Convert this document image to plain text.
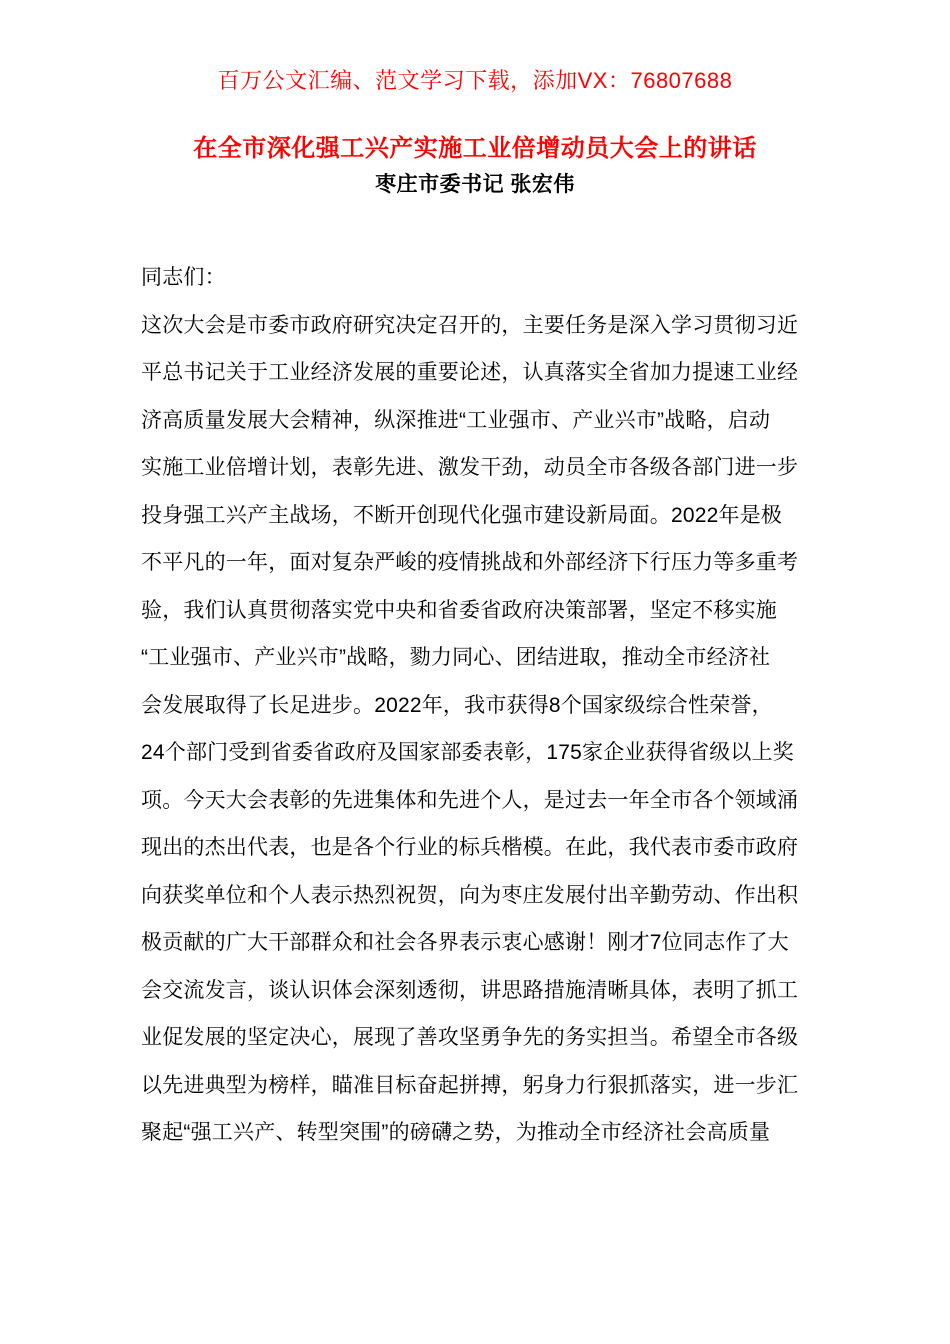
百万公文汇编、范文学习下载，添加VX：76807688
在全市深化强工兴产实施工业倍增动员大会上的讲话
枣庄市委书记 张宏伟
同志们：
这次大会是市委市政府研究决定召开的，主要任务是深入学习贯彻习近
平总书记关于工业经济发展的重要论述，认真落实全省加力提速工业经
济高质量发展大会精神，纵深推进“工业强市、产业兴市”战略，启动
实施工业倍增计划，表彰先进、激发干劲，动员全市各级各部门进一步
投身强工兴产主战场，不断开创现代化强市建设新局面。2022年是极
不平凡的一年，面对复杂严峻的疫情挑战和外部经济下行压力等多重考
验，我们认真贯彻落实党中央和省委省政府决策部署，坚定不移实施
“工业强市、产业兴市”战略，勠力同心、团结进取，推动全市经济社
会发展取得了长足进步。2022年，我市获得8个国家级综合性荣誉，
24个部门受到省委省政府及国家部委表彰，175家企业获得省级以上奖
项。今天大会表彰的先进集体和先进个人，是过去一年全市各个领域涌
现出的杰出代表，也是各个行业的标兵楷模。在此，我代表市委市政府
向获奖单位和个人表示热烈祝贺，向为枣庄发展付出辛勤劳动、作出积
极贡献的广大干部群众和社会各界表示衷心感谢！刚才7位同志作了大
会交流发言，谈认识体会深刻透彻，讲思路措施清晰具体，表明了抓工
业促发展的坚定决心，展现了善攻坚勇争先的务实担当。希望全市各级
以先进典型为榜样，瞄准目标奋起拼搏，躬身力行狠抓落实，进一步汇
聚起“强工兴产、转型突围”的磅礴之势，为推动全市经济社会高质量
